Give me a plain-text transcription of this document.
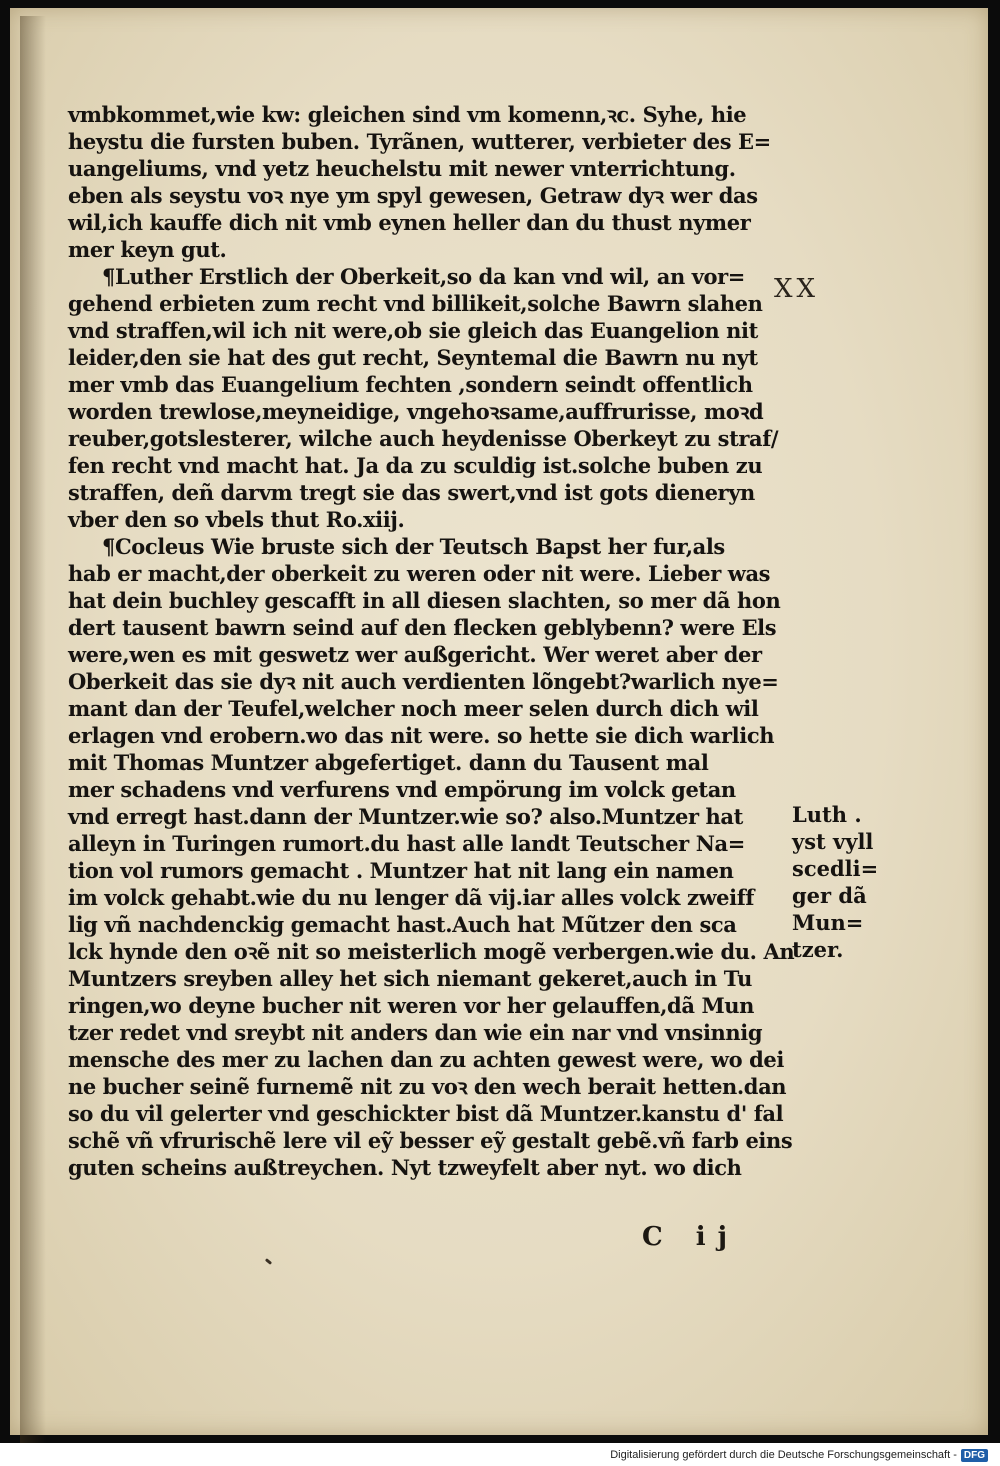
XX
vmbkommet,wie kw: gleichen sind vm komenn,ꝛc. Syhe, hie
heystu die fursten buben. Tyrãnen, wutterer, verbieter des E=
uangeliums, vnd yetz heuchelstu mit newer vnterrichtung.
eben als seystu voꝛ nye ym spyl gewesen, Getraw dyꝛ wer das
wil,ich kauffe dich nit vmb eynen heller dan du thust nymer
mer keyn gut.
¶Luther Erstlich der Oberkeit,so da kan vnd wil, an vor=
gehend erbieten zum recht vnd billikeit,solche Bawrn slahen
vnd straffen,wil ich nit were,ob sie gleich das Euangelion nit
leider,den sie hat des gut recht, Seyntemal die Bawrn nu nyt
mer vmb das Euangelium fechten ,sondern seindt offentlich
worden trewlose,meyneidige, vngehoꝛsame,auffrurisse, moꝛd
reuber,gotslesterer, wilche auch heydenisse Oberkeyt zu straf/
fen recht vnd macht hat. Ja da zu sculdig ist.solche buben zu
straffen, deñ darvm tregt sie das swert,vnd ist gots dieneryn
vber den so vbels thut Ro.xiij.
¶Cocleus Wie bruste sich der Teutsch Bapst her fur,als
hab er macht,der oberkeit zu weren oder nit were. Lieber was
hat dein buchley gescafft in all diesen slachten, so mer dã hon
dert tausent bawrn seind auf den flecken geblybenn? were Els
were,wen es mit geswetz wer außgericht. Wer weret aber der
Oberkeit das sie dyꝛ nit auch verdienten lõngebt?warlich nye=
mant dan der Teufel,welcher noch meer selen durch dich wil
erlagen vnd erobern.wo das nit were. so hette sie dich warlich
mit Thomas Muntzer abgefertiget. dann du Tausent mal
mer schadens vnd verfurens vnd empörung im volck getan
vnd erregt hast.dann der Muntzer.wie so? also.Muntzer hat
alleyn in Turingen rumort.du hast alle landt Teutscher Na=
tion vol rumors gemacht . Muntzer hat nit lang ein namen
im volck gehabt.wie du nu lenger dã vij.iar alles volck zweiff
lig vñ nachdenckig gemacht hast.Auch hat Mũtzer den sca
lck hynde den oꝛẽ nit so meisterlich mogẽ verbergen.wie du. An
Muntzers sreyben alley het sich niemant gekeret,auch in Tu
ringen,wo deyne bucher nit weren vor her gelauffen,dã Mun
tzer redet vnd sreybt nit anders dan wie ein nar vnd vnsinnig
mensche des mer zu lachen dan zu achten gewest were, wo dei
ne bucher seinẽ furnemẽ nit zu voꝛ den wech berait hetten.dan
so du vil gelerter vnd geschickter bist dã Muntzer.kanstu d' fal
schẽ vñ vfrurischẽ lere vil eỹ besser eỹ gestalt gebẽ.vñ farb eins
guten scheins außtreychen. Nyt tzweyfelt aber nyt. wo dich
Luth .
yst vyll
scedli=
ger dã
Mun=
tzer.
C ij
Digitalisierung gefördert durch die Deutsche Forschungsgemeinschaft - DFG
